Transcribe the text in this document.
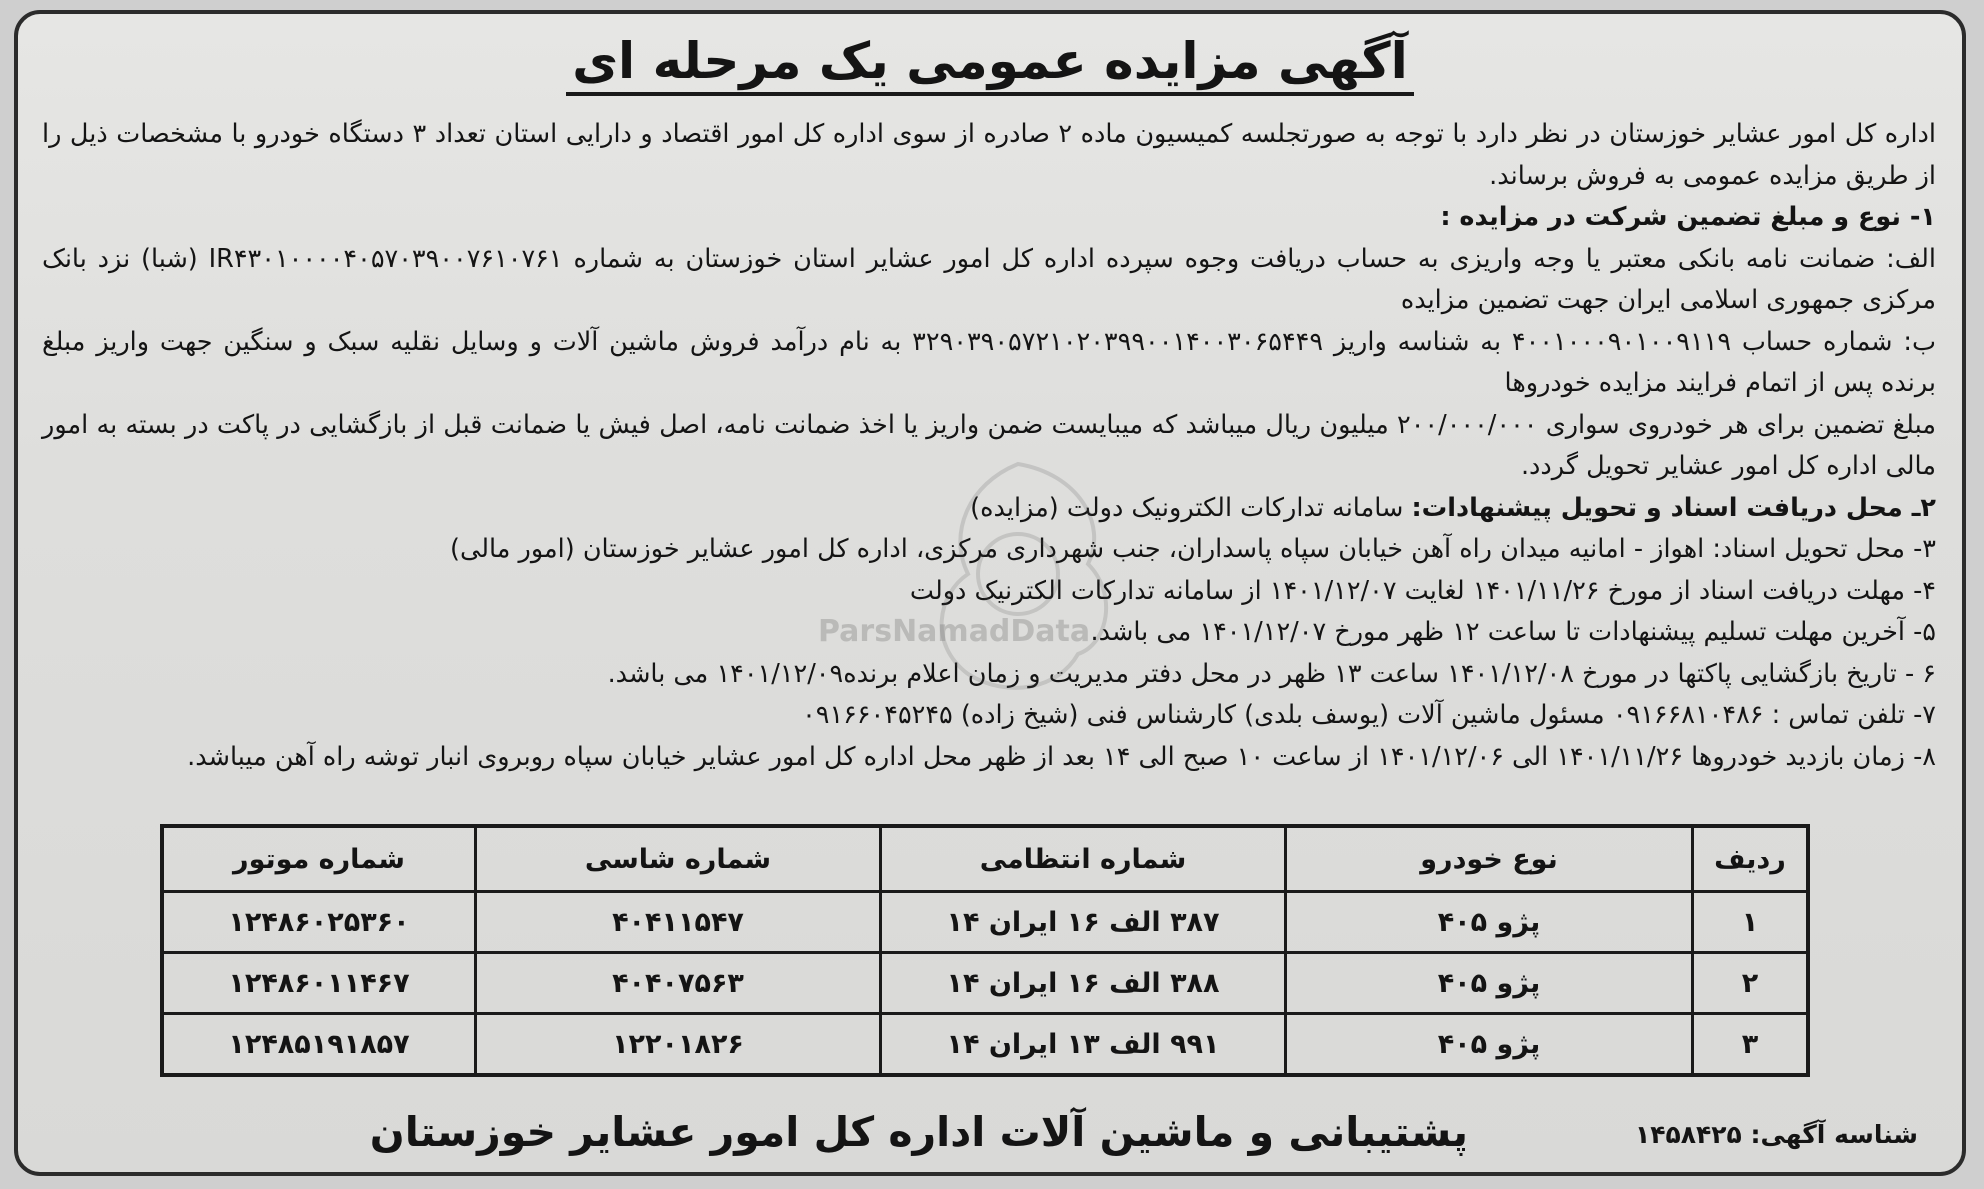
آگهی مزایده عمومی یک مرحله ای

اداره کل امور عشایر خوزستان در نظر دارد با توجه به صورتجلسه کمیسیون ماده ۲ صادره از سوی اداره کل امور اقتصاد و دارایی استان تعداد ۳ دستگاه خودرو با مشخصات ذیل را از طریق مزایده عمومی به فروش برساند.

۱- نوع و مبلغ تضمین شرکت در مزایده :

الف: ضمانت نامه بانکی معتبر یا وجه واریزی به حساب دریافت وجوه سپرده اداره کل امور عشایر استان خوزستان به شماره IR۴۳۰۱۰۰۰۰۴۰۵۷۰۳۹۰۰۷۶۱۰۷۶۱ (شبا) نزد بانک مرکزی جمهوری اسلامی ایران جهت تضمین مزایده

ب: شماره حساب ۴۰۰۱۰۰۰۹۰۱۰۰۹۱۱۹ به شناسه واریز ۳۲۹۰۳۹۰۵۷۲۱۰۲۰۳۹۹۰۰۱۴۰۰۳۰۶۵۴۴۹ به نام درآمد فروش ماشین آلات و وسایل نقلیه سبک و سنگین جهت واریز مبلغ برنده پس از اتمام فرایند مزایده خودروها

مبلغ تضمین برای هر خودروی سواری ۲۰۰/۰۰۰/۰۰۰ میلیون ریال میباشد که میبایست ضمن واریز یا اخذ ضمانت نامه، اصل فیش یا ضمانت قبل از بازگشایی در پاکت در بسته به امور مالی اداره کل امور عشایر تحویل گردد.

۲ـ محل دریافت اسناد و تحویل پیشنهادات: سامانه تدارکات الکترونیک دولت (مزایده)

۳- محل تحویل اسناد: اهواز - امانیه میدان راه آهن خیابان سپاه پاسداران، جنب شهرداری مرکزی، اداره کل امور عشایر خوزستان (امور مالی)

۴- مهلت دریافت اسناد از مورخ ۱۴۰۱/۱۱/۲۶ لغایت ۱۴۰۱/۱۲/۰۷ از سامانه تدارکات الکترنیک دولت

۵- آخرین مهلت تسلیم پیشنهادات تا ساعت ۱۲ ظهر مورخ ۱۴۰۱/۱۲/۰۷ می باشد.

۶ - تاریخ بازگشایی پاکتها در مورخ ۱۴۰۱/۱۲/۰۸ ساعت ۱۳ ظهر در محل دفتر مدیریت و زمان اعلام برنده۱۴۰۱/۱۲/۰۹ می باشد.

۷- تلفن تماس : ۰۹۱۶۶۸۱۰۴۸۶ مسئول ماشین آلات (یوسف بلدی) کارشناس فنی (شیخ زاده) ۰۹۱۶۶۰۴۵۲۴۵

۸- زمان بازدید خودروها ۱۴۰۱/۱۱/۲۶ الی ۱۴۰۱/۱۲/۰۶ از ساعت ۱۰ صبح الی ۱۴ بعد از ظهر محل اداره کل امور عشایر خیابان سپاه روبروی انبار توشه راه آهن میباشد.

ParsNamadData
ردیف	نوع خودرو	شماره انتظامی	شماره شاسی	شماره موتور
۱	پژو ۴۰۵	۳۸۷ الف ۱۶ ایران ۱۴	۴۰۴۱۱۵۴۷	۱۲۴۸۶۰۲۵۳۶۰
۲	پژو ۴۰۵	۳۸۸ الف ۱۶ ایران ۱۴	۴۰۴۰۷۵۶۳	۱۲۴۸۶۰۱۱۴۶۷
۳	پژو ۴۰۵	۹۹۱ الف ۱۳ ایران ۱۴	۱۲۲۰۱۸۲۶	۱۲۴۸۵۱۹۱۸۵۷
شناسه آگهی: ۱۴۵۸۴۲۵
پشتیبانی و ماشین آلات اداره کل امور عشایر خوزستان
